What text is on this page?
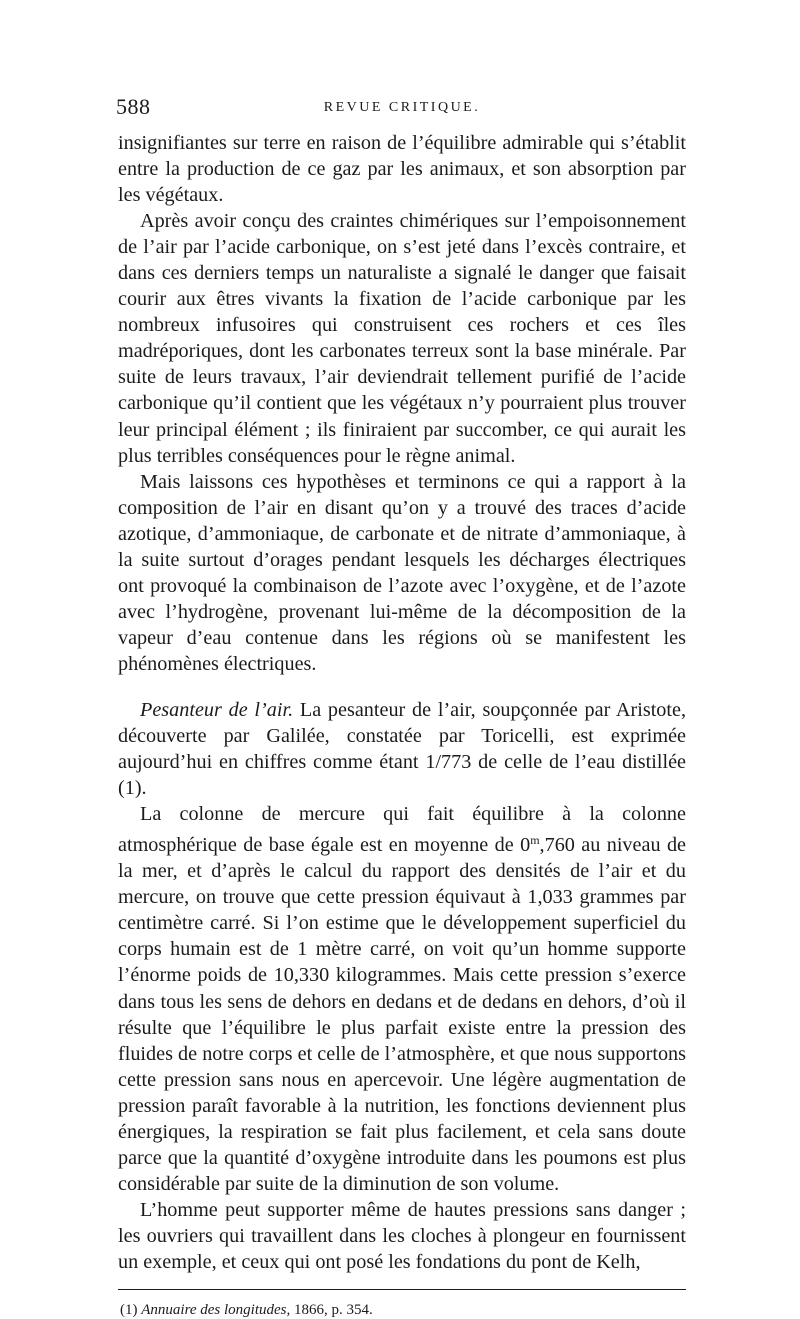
588	REVUE CRITIQUE.

insignifiantes sur terre en raison de l’équilibre admirable qui s’établit entre la production de ce gaz par les animaux, et son absorption par les végétaux.

Après avoir conçu des craintes chimériques sur l’empoisonnement de l’air par l’acide carbonique, on s’est jeté dans l’excès contraire, et dans ces derniers temps un naturaliste a signalé le danger que faisait courir aux êtres vivants la fixation de l’acide carbonique par les nombreux infusoires qui construisent ces rochers et ces îles madréporiques, dont les carbonates terreux sont la base minérale. Par suite de leurs travaux, l’air deviendrait tellement purifié de l’acide carbonique qu’il contient que les végétaux n’y pourraient plus trouver leur principal élément ; ils finiraient par succomber, ce qui aurait les plus terribles conséquences pour le règne animal.

Mais laissons ces hypothèses et terminons ce qui a rapport à la composition de l’air en disant qu’on y a trouvé des traces d’acide azotique, d’ammoniaque, de carbonate et de nitrate d’ammoniaque, à la suite surtout d’orages pendant lesquels les décharges électriques ont provoqué la combinaison de l’azote avec l’oxygène, et de l’azote avec l’hydrogène, provenant lui-même de la décomposition de la vapeur d’eau contenue dans les régions où se manifestent les phénomènes électriques.

Pesanteur de l’air. La pesanteur de l’air, soupçonnée par Aristote, découverte par Galilée, constatée par Toricelli, est exprimée aujourd’hui en chiffres comme étant 1/773 de celle de l’eau distillée (1).

La colonne de mercure qui fait équilibre à la colonne atmosphérique de base égale est en moyenne de 0$^m$,760 au niveau de la mer, et d’après le calcul du rapport des densités de l’air et du mercure, on trouve que cette pression équivaut à 1,033 grammes par centimètre carré. Si l’on estime que le développement superficiel du corps humain est de 1 mètre carré, on voit qu’un homme supporte l’énorme poids de 10,330 kilogrammes. Mais cette pression s’exerce dans tous les sens de dehors en dedans et de dedans en dehors, d’où il résulte que l’équilibre le plus parfait existe entre la pression des fluides de notre corps et celle de l’atmosphère, et que nous supportons cette pression sans nous en apercevoir. Une légère augmentation de pression paraît favorable à la nutrition, les fonctions deviennent plus énergiques, la respiration se fait plus facilement, et cela sans doute parce que la quantité d’oxygène introduite dans les poumons est plus considérable par suite de la diminution de son volume.

L’homme peut supporter même de hautes pressions sans danger ; les ouvriers qui travaillent dans les cloches à plongeur en fournissent un exemple, et ceux qui ont posé les fondations du pont de Kelh,

(1) Annuaire des longitudes, 1866, p. 354.
